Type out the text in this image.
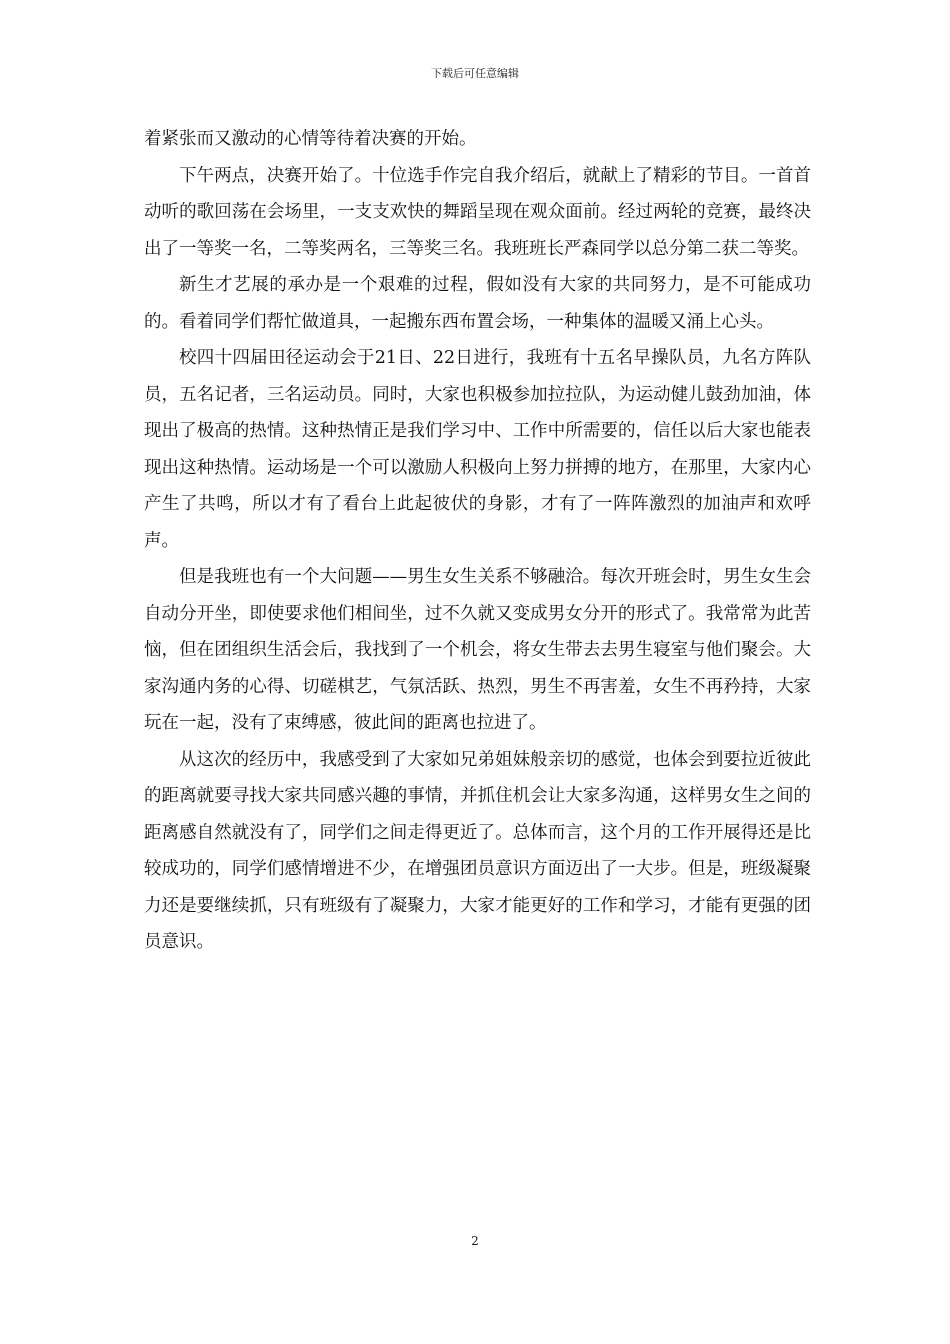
下载后可任意编辑

着紧张而又激动的心情等待着决赛的开始。

下午两点，决赛开始了。十位选手作完自我介绍后，就献上了精彩的节目。一首首动听的歌回荡在会场里，一支支欢快的舞蹈呈现在观众面前。经过两轮的竞赛，最终决出了一等奖一名，二等奖两名，三等奖三名。我班班长严森同学以总分第二获二等奖。

新生才艺展的承办是一个艰难的过程，假如没有大家的共同努力，是不可能成功的。看着同学们帮忙做道具，一起搬东西布置会场，一种集体的温暖又涌上心头。

校四十四届田径运动会于21日、22日进行，我班有十五名早操队员，九名方阵队员，五名记者，三名运动员。同时，大家也积极参加拉拉队，为运动健儿鼓劲加油，体现出了极高的热情。这种热情正是我们学习中、工作中所需要的，信任以后大家也能表现出这种热情。运动场是一个可以激励人积极向上努力拼搏的地方，在那里，大家内心产生了共鸣，所以才有了看台上此起彼伏的身影，才有了一阵阵激烈的加油声和欢呼声。

但是我班也有一个大问题——男生女生关系不够融洽。每次开班会时，男生女生会自动分开坐，即使要求他们相间坐，过不久就又变成男女分开的形式了。我常常为此苦恼，但在团组织生活会后，我找到了一个机会，将女生带去去男生寝室与他们聚会。大家沟通内务的心得、切磋棋艺，气氛活跃、热烈，男生不再害羞，女生不再矜持，大家玩在一起，没有了束缚感，彼此间的距离也拉进了。

从这次的经历中，我感受到了大家如兄弟姐妹般亲切的感觉，也体会到要拉近彼此的距离就要寻找大家共同感兴趣的事情，并抓住机会让大家多沟通，这样男女生之间的距离感自然就没有了，同学们之间走得更近了。总体而言，这个月的工作开展得还是比较成功的，同学们感情增进不少，在增强团员意识方面迈出了一大步。但是，班级凝聚力还是要继续抓，只有班级有了凝聚力，大家才能更好的工作和学习，才能有更强的团员意识。

2
